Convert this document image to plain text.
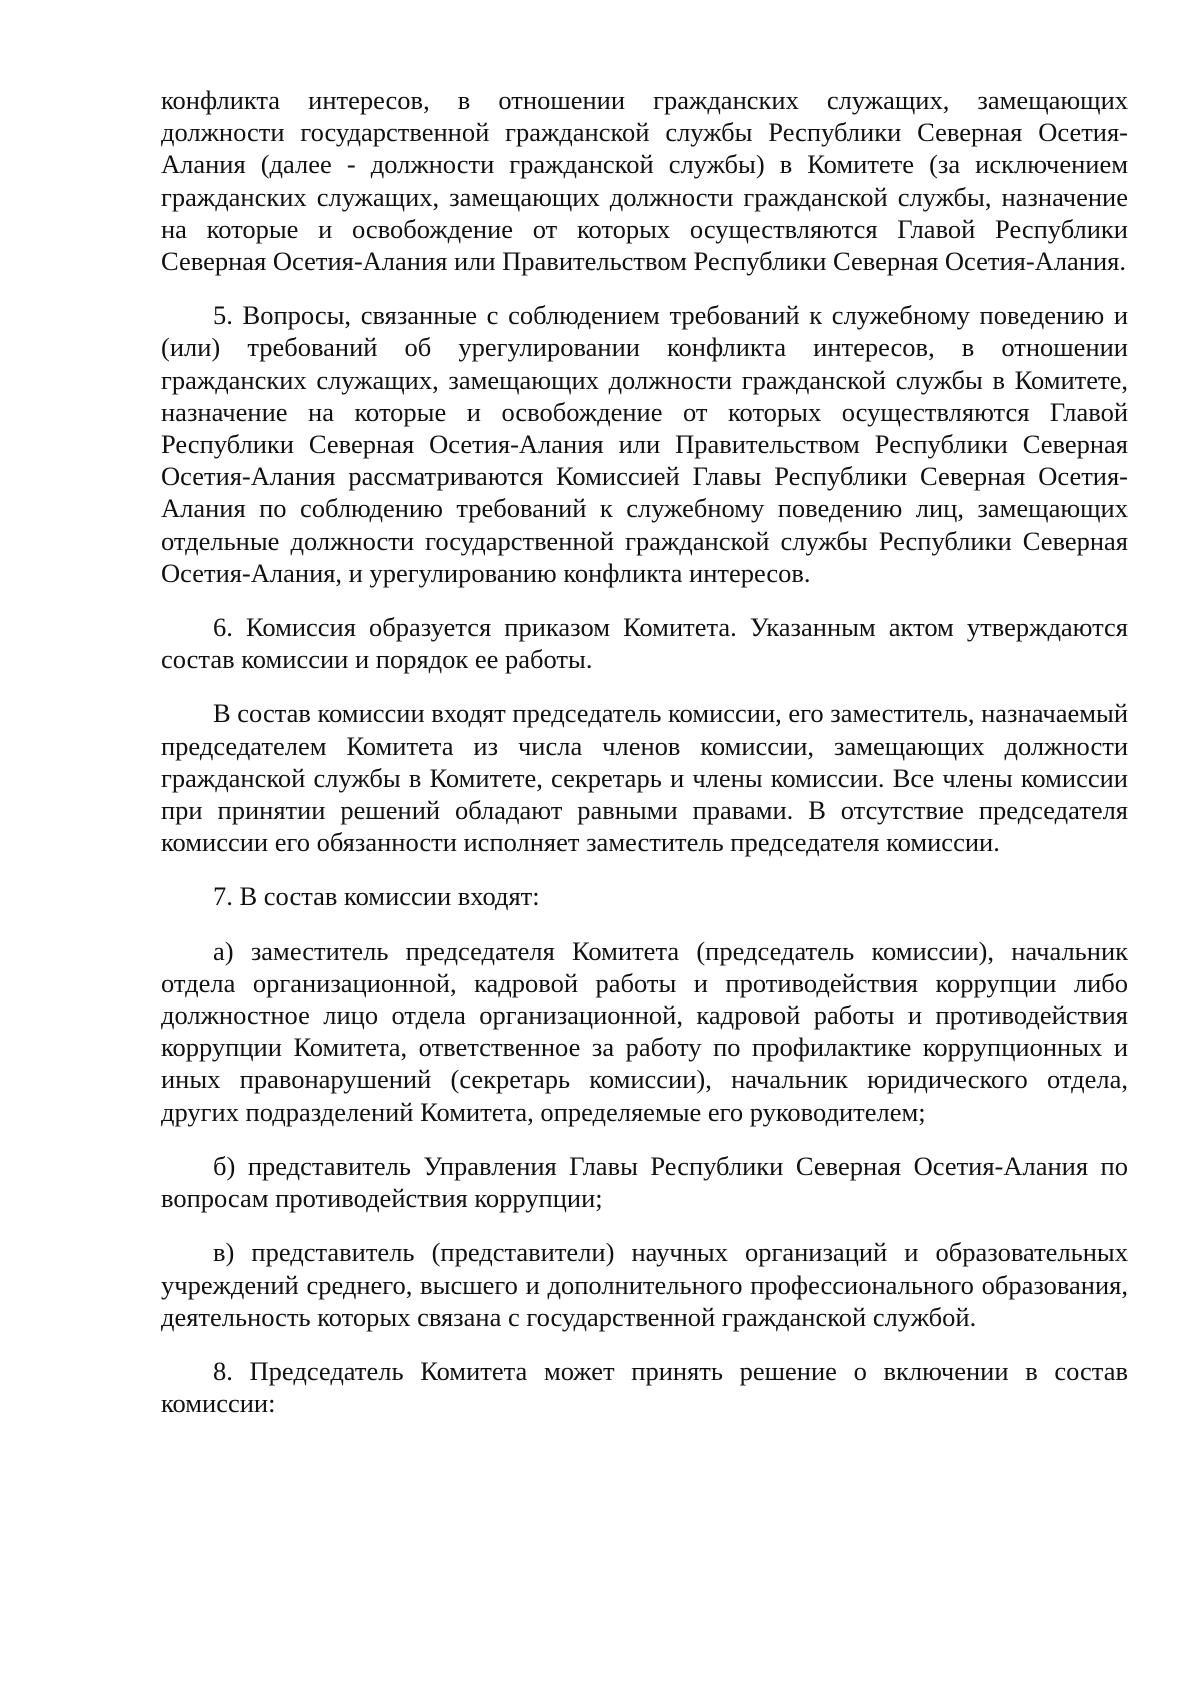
конфликта интересов, в отношении гражданских служащих, замещающих должности государственной гражданской службы Республики Северная Осетия-Алания (далее - должности гражданской службы) в Комитете (за исключением гражданских служащих, замещающих должности гражданской службы, назначение на которые и освобождение от которых осуществляются Главой Республики Северная Осетия-Алания или Правительством Республики Северная Осетия-Алания.

5. Вопросы, связанные с соблюдением требований к служебному поведению и (или) требований об урегулировании конфликта интересов, в отношении гражданских служащих, замещающих должности гражданской службы в Комитете, назначение на которые и освобождение от которых осуществляются Главой Республики Северная Осетия-Алания или Правительством Республики Северная Осетия-Алания рассматриваются Комиссией Главы Республики Северная Осетия-Алания по соблюдению требований к служебному поведению лиц, замещающих отдельные должности государственной гражданской службы Республики Северная Осетия-Алания, и урегулированию конфликта интересов.

6. Комиссия образуется приказом Комитета. Указанным актом утверждаются состав комиссии и порядок ее работы.

В состав комиссии входят председатель комиссии, его заместитель, назначаемый председателем Комитета из числа членов комиссии, замещающих должности гражданской службы в Комитете, секретарь и члены комиссии. Все члены комиссии при принятии решений обладают равными правами. В отсутствие председателя комиссии его обязанности исполняет заместитель председателя комиссии.

7. В состав комиссии входят:

а) заместитель председателя Комитета (председатель комиссии), начальник отдела организационной, кадровой работы и противодействия коррупции либо должностное лицо отдела организационной, кадровой работы и противодействия коррупции Комитета, ответственное за работу по профилактике коррупционных и иных правонарушений (секретарь комиссии), начальник юридического отдела, других подразделений Комитета, определяемые его руководителем;

б) представитель Управления Главы Республики Северная Осетия-Алания по вопросам противодействия коррупции;

в) представитель (представители) научных организаций и образовательных учреждений среднего, высшего и дополнительного профессионального образования, деятельность которых связана с государственной гражданской службой.

8. Председатель Комитета может принять решение о включении в состав комиссии:
